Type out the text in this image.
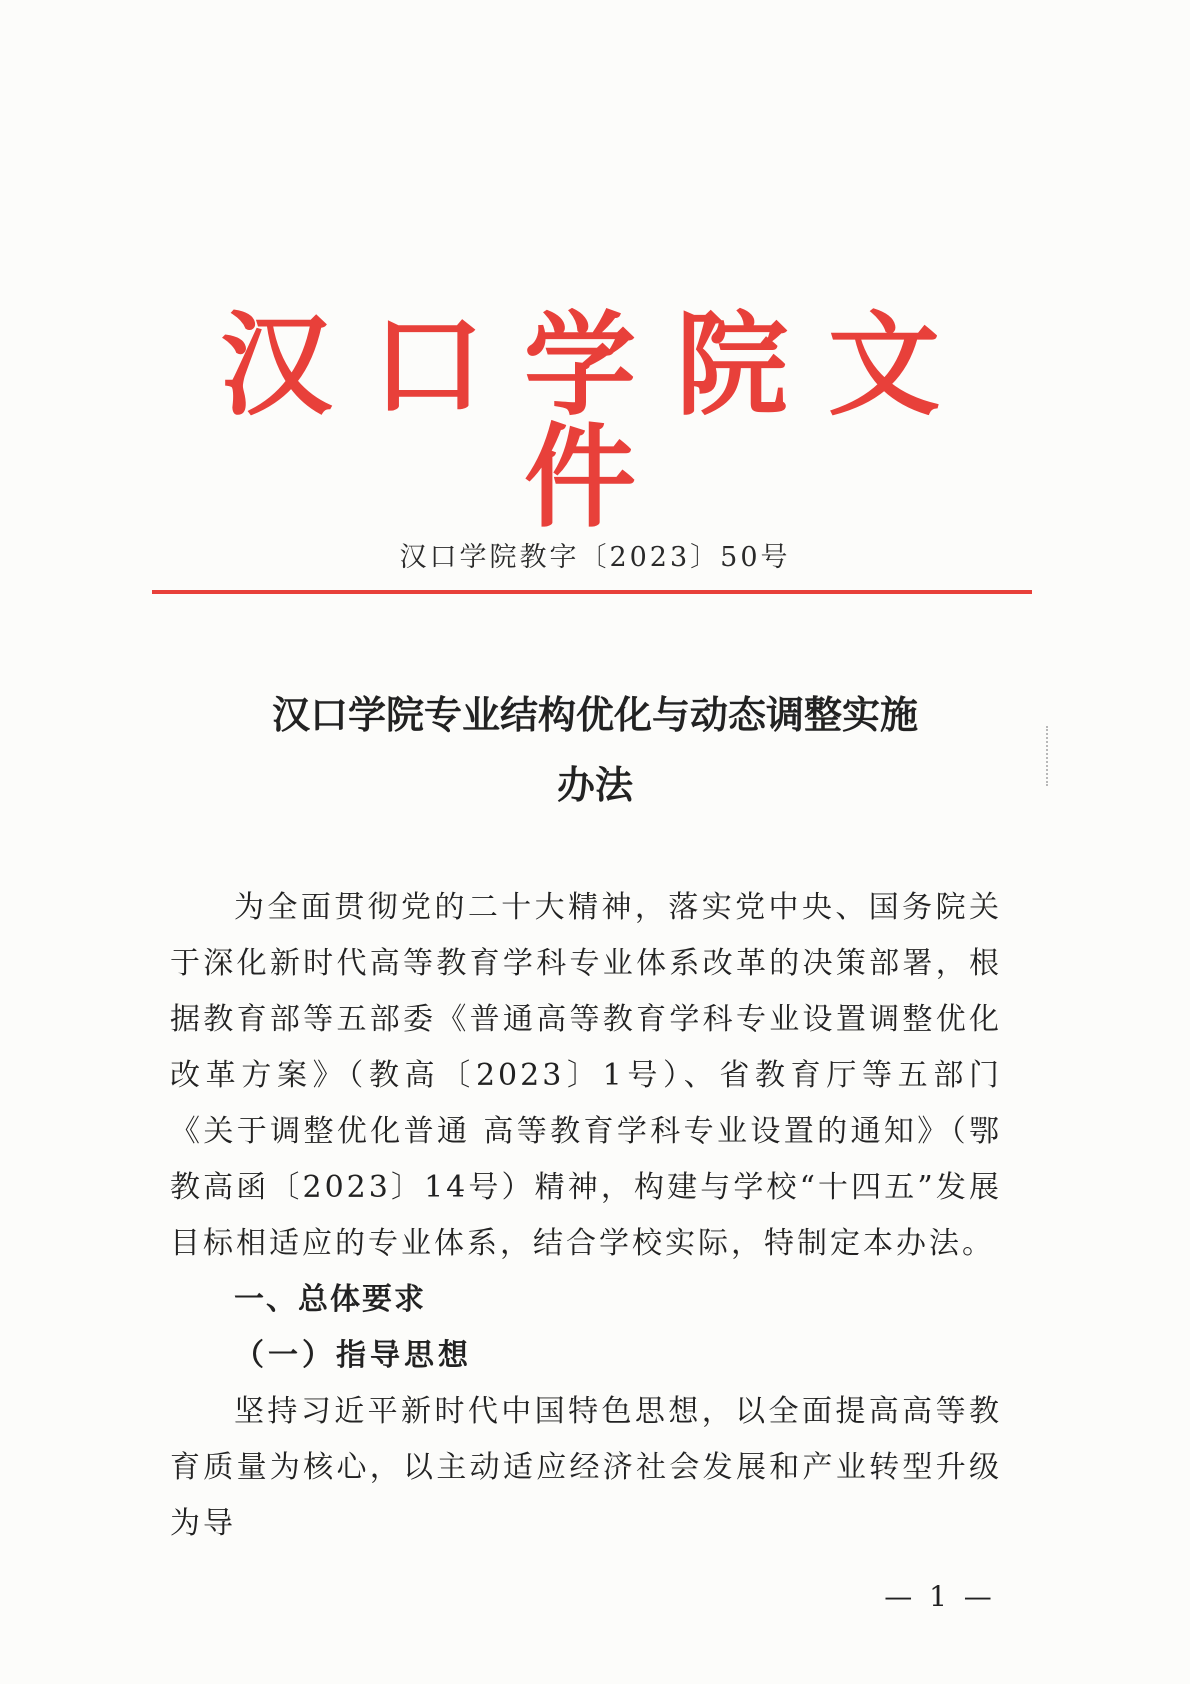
汉口学院文件
汉口学院教字〔2023〕50号
汉口学院专业结构优化与动态调整实施
办法

为全面贯彻党的二十大精神，落实党中央、国务院关于深化新时代高等教育学科专业体系改革的决策部署，根据教育部等五部委《普通高等教育学科专业设置调整优化改革方案》（教高〔2023〕1号）、省教育厅等五部门《关于调整优化普通 高等教育学科专业设置的通知》（鄂教高函〔2023〕14号）精神，构建与学校“十四五”发展目标相适应的专业体系，结合学校实际，特制定本办法。

一、总体要求

（一）指导思想

坚持习近平新时代中国特色思想，以全面提高高等教育质量为核心，以主动适应经济社会发展和产业转型升级为导

— 1 —
